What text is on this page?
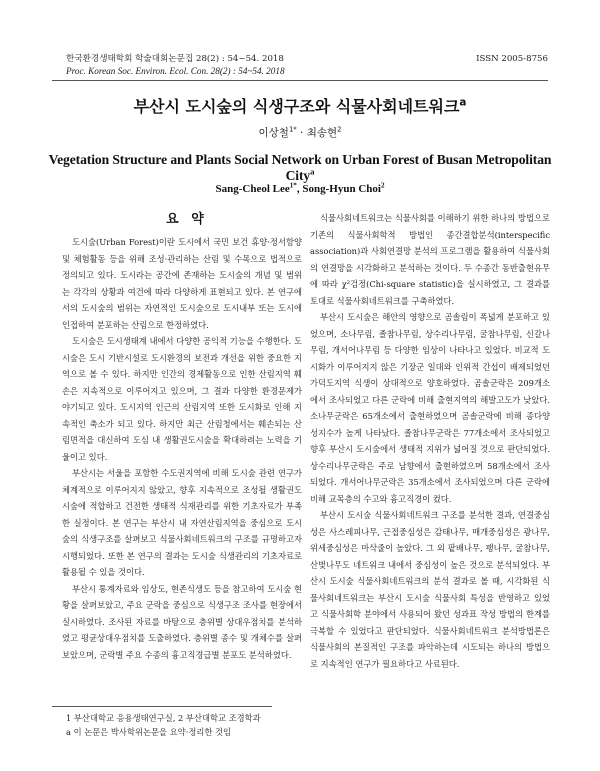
한국환경생태학회 학술대회논문집 28(2) : 54~54. 2018
Proc. Korean Soc. Environ. Ecol. Con. 28(2) : 54~54. 2018
ISSN 2005-8756
부산시 도시숲의 식생구조와 식물사회네트워크$^a$
이상철$^{1*}$ · 최송현$^2$
Vegetation Structure and Plants Social Network on Urban Forest of Busan Metropolitan City$^a$
Sang-Cheol Lee$^{1*}$, Song-Hyun Choi$^2$
요 약

도시숲(Urban Forest)이란 도시에서 국민 보건 휴양·정서함양 및 체험활동 등을 위해 조성·관리하는 산림 및 수목으로 법적으로 정의되고 있다. 도시라는 공간에 존재하는 도시숲의 개념 및 범위는 각각의 상황과 여건에 따라 다양하게 표현되고 있다. 본 연구에서의 도시숲의 범위는 자연적인 도시숲으로 도시내부 또는 도시에 인접하여 분포하는 산림으로 한정하였다.

도시숲은 도시생태계 내에서 다양한 공익적 기능을 수행한다. 도시숲은 도시 기반시설로 도시환경의 보전과 개선을 위한 중요한 지역으로 볼 수 있다. 하지만 인간의 경제활동으로 인한 산림지역 훼손은 지속적으로 이루어지고 있으며, 그 결과 다양한 환경문제가 야기되고 있다. 도시지역 인근의 산림지역 또한 도시화로 인해 지속적인 축소가 되고 있다. 하지만 최근 산림청에서는 훼손되는 산림면적을 대신하여 도심 내 생활권도시숲을 확대하려는 노력을 기울이고 있다.

부산시는 서울을 포함한 수도권지역에 비해 도시숲 관련 연구가 체계적으로 이루어지지 않았고, 향후 지속적으로 조성될 생활권도시숲에 적합하고 건전한 생태적 식재관리를 위한 기초자료가 부족한 실정이다. 본 연구는 부산시 내 자연산림지역을 중심으로 도시숲의 식생구조를 살펴보고 식물사회네트워크의 구조를 규명하고자 시행되었다. 또한 본 연구의 결과는 도시숲 식생관리의 기초자료로 활용될 수 있을 것이다.

부산시 통계자료와 임상도, 현존식생도 등을 참고하여 도시숲 현황을 살펴보았고, 주요 군락을 중심으로 식생구조 조사를 현장에서 실시하였다. 조사된 자료를 바탕으로 층위별 상대우점치를 분석하였고 평균상대우점치를 도출하였다. 층위별 종수 및 개체수를 살펴보았으며, 군락별 주요 수종의 흉고직경급별 분포도 분석하였다.

식물사회네트워크는 식물사회를 이해하기 위한 하나의 방법으로 기존의 식물사회학적 방법인 종간결합분석(interspecific association)과 사회연결망 분석의 프로그램을 활용하여 식물사회의 연결망을 시각화하고 분석하는 것이다. 두 수종간 동반출현유무에 따라 χ²검정(Chi-square statistic)을 실시하였고, 그 결과를 토대로 식물사회네트워크를 구축하였다.

부산시 도시숲은 해안의 영향으로 곰솔림이 폭넓게 분포하고 있었으며, 소나무림, 졸참나무림, 상수리나무림, 굴참나무림, 신갈나무림, 개서어나무림 등 다양한 임상이 나타나고 있었다. 비교적 도시화가 이루어지지 않은 기장군 일대와 인위적 간섭이 배제되었던 가덕도지역 식생이 상대적으로 양호하였다. 곰솔군락은 209개소에서 조사되었고 다른 군락에 비해 출현지역의 해발고도가 낮았다. 소나무군락은 65개소에서 출현하였으며 곰솔군락에 비해 종다양성지수가 높게 나타났다. 졸참나무군락은 77개소에서 조사되었고 향후 부산시 도시숲에서 생태적 지위가 넓어질 것으로 판단되었다. 상수리나무군락은 주로 남향에서 출현하였으며 58개소에서 조사되었다. 개서어나무군락은 35개소에서 조사되었으며 다른 군락에 비해 교목층의 수고와 흉고직경이 컸다.

부산시 도시숲 식물사회네트워크 구조를 분석한 결과, 연결중심성은 사스레피나무, 근접중심성은 감태나무, 매개중심성은 광나무, 위세중심성은 마삭줄이 높았다. 그 외 팥배나무, 팽나무, 굴참나무, 산벚나무도 네트워크 내에서 중심성이 높은 것으로 분석되었다. 부산시 도시숲 식물사회네트워크의 분석 결과로 볼 때, 시각화된 식물사회네트워크는 부산시 도시숲 식물사회 특성을 반영하고 있었고 식물사회학 분야에서 사용되어 왔던 성과표 작성 방법의 한계를 극복할 수 있었다고 판단되었다. 식물사회네트워크 분석방법론은 식물사회의 본질적인 구조를 파악하는데 시도되는 하나의 방법으로 지속적인 연구가 필요하다고 사료된다.

1 부산대학교 응용생태연구실, 2 부산대학교 조경학과
a 이 논문은 박사학위논문을 요약·정리한 것임
